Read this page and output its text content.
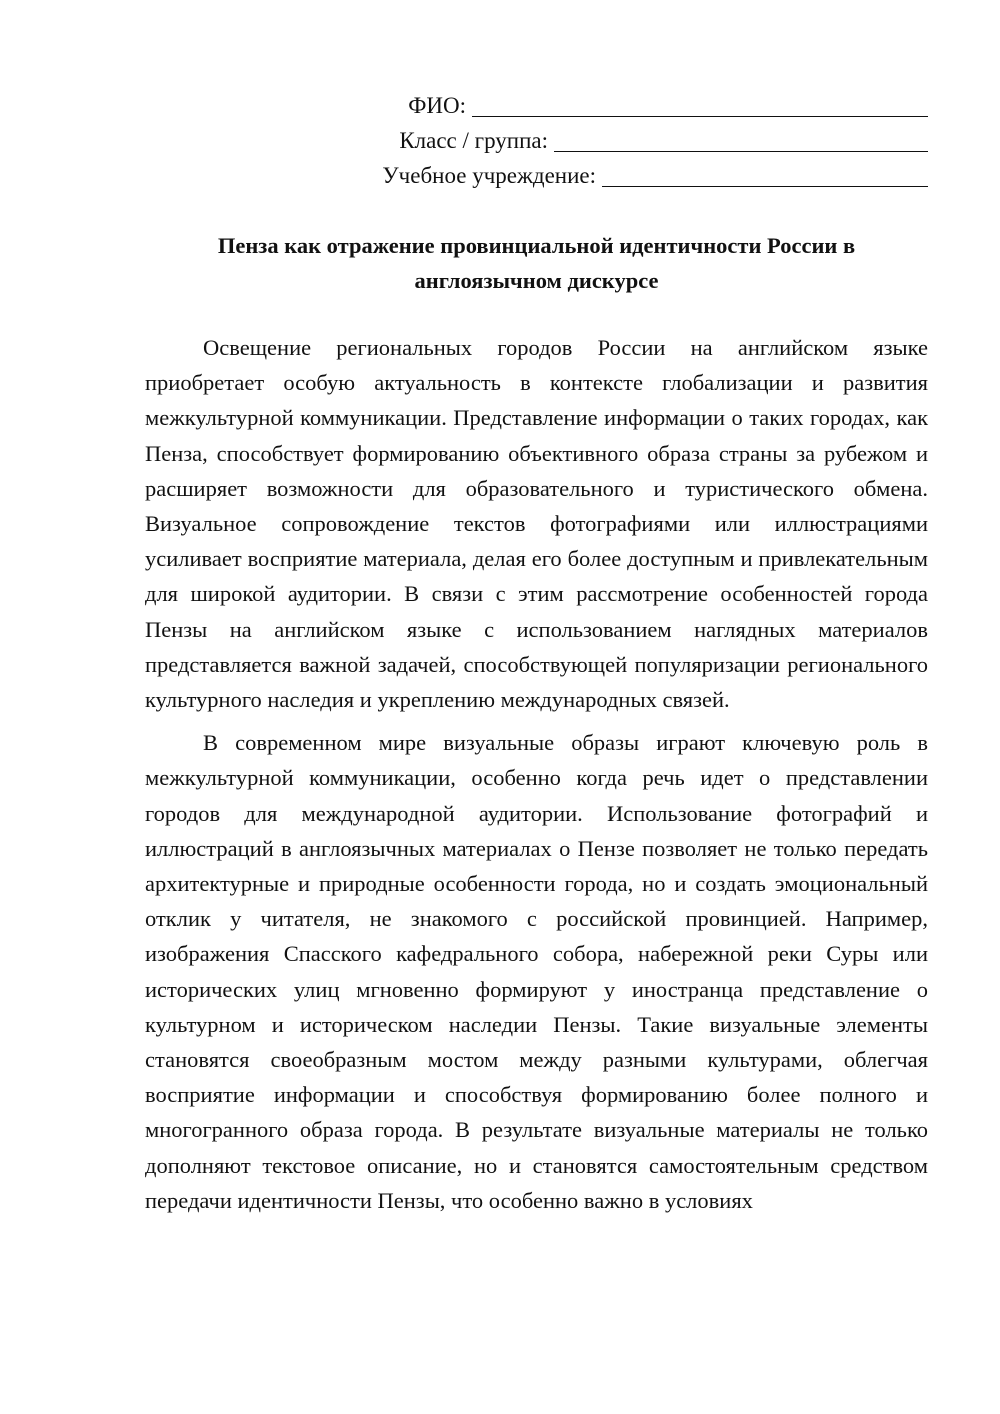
ФИО:
Класс / группа:
Учебное учреждение:
Пенза как отражение провинциальной идентичности России в
англоязычном дискурсе

Освещение региональных городов России на английском языке приобретает особую актуальность в контексте глобализации и развития межкультурной коммуникации. Представление информации о таких городах, как Пенза, способствует формированию объективного образа страны за рубежом и расширяет возможности для образовательного и туристического обмена. Визуальное сопровождение текстов фотографиями или иллюстрациями усиливает восприятие материала, делая его более доступным и привлекательным для широкой аудитории. В связи с этим рассмотрение особенностей города Пензы на английском языке с использованием наглядных материалов представляется важной задачей, способствующей популяризации регионального культурного наследия и укреплению международных связей.

В современном мире визуальные образы играют ключевую роль в межкультурной коммуникации, особенно когда речь идет о представлении городов для международной аудитории. Использование фотографий и иллюстраций в англоязычных материалах о Пензе позволяет не только передать архитектурные и природные особенности города, но и создать эмоциональный отклик у читателя, не знакомого с российской провинцией. Например, изображения Спасского кафедрального собора, набережной реки Суры или исторических улиц мгновенно формируют у иностранца представление о культурном и историческом наследии Пензы. Такие визуальные элементы становятся своеобразным мостом между разными культурами, облегчая восприятие информации и способствуя формированию более полного и многогранного образа города. В результате визуальные материалы не только дополняют текстовое описание, но и становятся самостоятельным средством передачи идентичности Пензы, что особенно важно в условиях
